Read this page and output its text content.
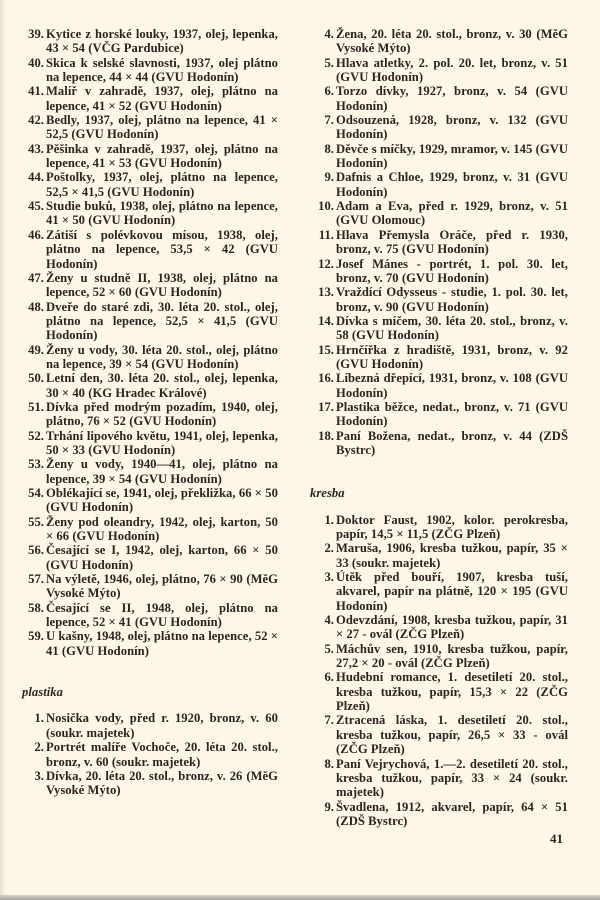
39. Kytice z horské louky, 1937, olej, lepenka, 43 × 54 (VČG Pardubice)
40. Skica k selské slavnosti, 1937, olej plátno na lepence, 44 × 44 (GVU Hodonín)
41. Malíř v zahradě, 1937, olej, plátno na lepence, 41 × 52 (GVU Hodonín)
42. Bedly, 1937, olej, plátno na lepence, 41 × 52,5 (GVU Hodonín)
43. Pěšinka v zahradě, 1937, olej, plátno na lepence, 41 × 53 (GVU Hodonín)
44. Poštolky, 1937, olej, plátno na lepence, 52,5 × 41,5 (GVU Hodonín)
45. Studie buků, 1938, olej, plátno na lepence, 41 × 50 (GVU Hodonín)
46. Zátiší s polévkovou mísou, 1938, olej, plátno na lepence, 53,5 × 42 (GVU Hodonín)
47. Ženy u studně II, 1938, olej, plátno na lepence, 52 × 60 (GVU Hodonín)
48. Dveře do staré zdi, 30. léta 20. stol., olej, plátno na lepence, 52,5 × 41,5 (GVU Hodonín)
49. Ženy u vody, 30. léta 20. stol., olej, plátno na lepence, 39 × 54 (GVU Hodonín)
50. Letní den, 30. léta 20. stol., olej, lepenka, 30 × 40 (KG Hradec Králové)
51. Dívka před modrým pozadím, 1940, olej, plátno, 76 × 52 (GVU Hodonín)
52. Trhání lipového květu, 1941, olej, lepenka, 50 × 33 (GVU Hodonín)
53. Ženy u vody, 1940—41, olej, plátno na lepence, 39 × 54 (GVU Hodonín)
54. Oblékající se, 1941, olej, překližka, 66 × 50 (GVU Hodonín)
55. Ženy pod oleandry, 1942, olej, karton, 50 × 66 (GVU Hodonín)
56. Česající se I, 1942, olej, karton, 66 × 50 (GVU Hodonín)
57. Na výletě, 1946, olej, plátno, 76 × 90 (MěG Vysoké Mýto)
58. Česající se II, 1948, olej, plátno na lepence, 52 × 41 (GVU Hodonín)
59. U kašny, 1948, olej, plátno na lepence, 52 × 41 (GVU Hodonín)
plastika
1. Nosička vody, před r. 1920, bronz, v. 60 (soukr. majetek)
2. Portrét malíře Vochoče, 20. léta 20. stol., bronz, v. 60 (soukr. majetek)
3. Dívka, 20. léta 20. stol., bronz, v. 26 (MěG Vysoké Mýto)
4. Žena, 20. léta 20. stol., bronz, v. 30 (MěG Vysoké Mýto)
5. Hlava atletky, 2. pol. 20. let, bronz, v. 51 (GVU Hodonín)
6. Torzo dívky, 1927, bronz, v. 54 (GVU Hodonín)
7. Odsouzená, 1928, bronz, v. 132 (GVU Hodonín)
8. Děvče s míčky, 1929, mramor, v. 145 (GVU Hodonín)
9. Dafnis a Chloe, 1929, bronz, v. 31 (GVU Hodonín)
10. Adam a Eva, před r. 1929, bronz, v. 51 (GVU Olomouc)
11. Hlava Přemysla Oráče, před r. 1930, bronz, v. 75 (GVU Hodonín)
12. Josef Mánes - portrét, 1. pol. 30. let, bronz, v. 70 (GVU Hodonín)
13. Vraždící Odysseus - studie, 1. pol. 30. let, bronz, v. 90 (GVU Hodonín)
14. Dívka s míčem, 30. léta 20. stol., bronz, v. 58 (GVU Hodonín)
15. Hrnčířka z hradiště, 1931, bronz, v. 92 (GVU Hodonín)
16. Líbezná dřepící, 1931, bronz, v. 108 (GVU Hodonín)
17. Plastika běžce, nedat., bronz, v. 71 (GVU Hodonín)
18. Paní Božena, nedat., bronz, v. 44 (ZDŠ Bystrc)
kresba
1. Doktor Faust, 1902, kolor. perokresba, papír, 14,5 × 11,5 (ZČG Plzeň)
2. Maruša, 1906, kresba tužkou, papír, 35 × 33 (soukr. majetek)
3. Útěk před bouří, 1907, kresba tuší, akvarel, papír na plátně, 120 × 195 (GVU Hodonín)
4. Odevzdání, 1908, kresba tužkou, papír, 31 × 27 - ovál (ZČG Plzeň)
5. Máchův sen, 1910, kresba tužkou, papír, 27,2 × 20 - ovál (ZČG Plzeň)
6. Hudební romance, 1. desetiletí 20. stol., kresba tužkou, papír, 15,3 × 22 (ZČG Plzeň)
7. Ztracená láska, 1. desetiletí 20. stol., kresba tužkou, papír, 26,5 × 33 - ovál (ZČG Plzeň)
8. Paní Vejrychová, 1.—2. desetiletí 20. stol., kresba tužkou, papír, 33 × 24 (soukr. majetek)
9. Švadlena, 1912, akvarel, papír, 64 × 51 (ZDŠ Bystrc)
41
